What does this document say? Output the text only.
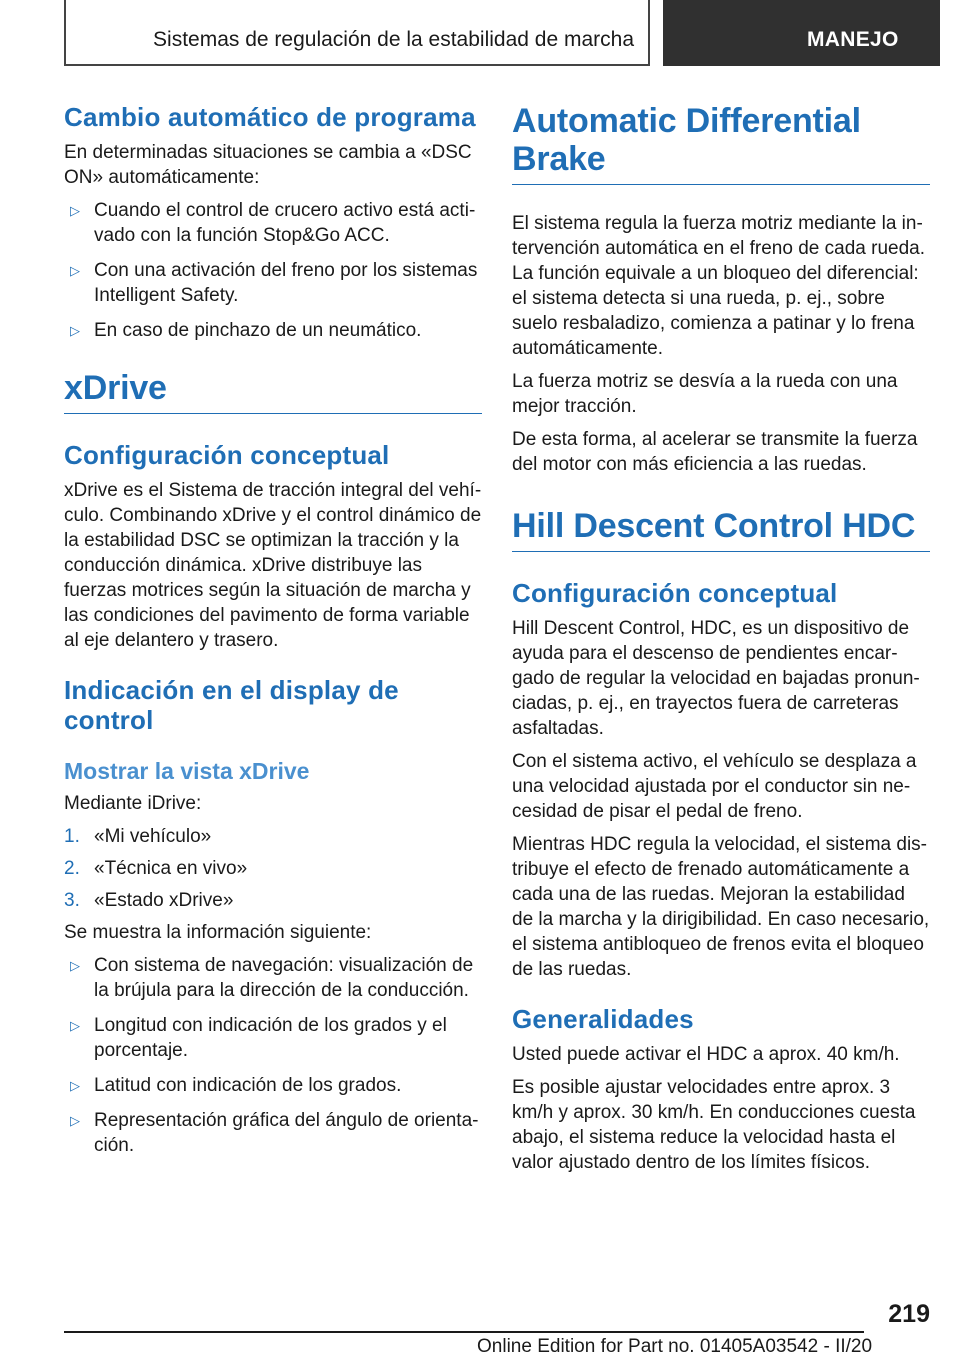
Sistemas de regulación de la estabilidad de marcha	MANEJO
Cambio automático de programa

En determinadas situaciones se cambia a «DSC ON» automáticamente:

▷ Cuando el control de crucero activo está activado con la función Stop&Go ACC.
▷ Con una activación del freno por los sistemas Intelligent Safety.
▷ En caso de pinchazo de un neumático.
xDrive
Configuración conceptual

xDrive es el Sistema de tracción integral del vehículo. Combinando xDrive y el control dinámico de la estabilidad DSC se optimizan la tracción y la conducción dinámica. xDrive distribuye las fuerzas motrices según la situación de marcha y las condiciones del pavimento de forma variable al eje delantero y trasero.

Indicación en el display de control
Mostrar la vista xDrive

Mediante iDrive:

1. «Mi vehículo»
2. «Técnica en vivo»
3. «Estado xDrive»

Se muestra la información siguiente:

▷ Con sistema de navegación: visualización de la brújula para la dirección de la conducción.
▷ Longitud con indicación de los grados y el porcentaje.
▷ Latitud con indicación de los grados.
▷ Representación gráfica del ángulo de orientación.
Automatic Differential Brake

El sistema regula la fuerza motriz mediante la intervención automática en el freno de cada rueda. La función equivale a un bloqueo del diferencial: el sistema detecta si una rueda, p. ej., sobre suelo resbaladizo, comienza a patinar y lo frena automáticamente.

La fuerza motriz se desvía a la rueda con una mejor tracción.

De esta forma, al acelerar se transmite la fuerza del motor con más eficiencia a las ruedas.

Hill Descent Control HDC
Configuración conceptual

Hill Descent Control, HDC, es un dispositivo de ayuda para el descenso de pendientes encargado de regular la velocidad en bajadas pronunciadas, p. ej., en trayectos fuera de carreteras asfaltadas.

Con el sistema activo, el vehículo se desplaza a una velocidad ajustada por el conductor sin necesidad de pisar el pedal de freno.

Mientras HDC regula la velocidad, el sistema distribuye el efecto de frenado automáticamente a cada una de las ruedas. Mejoran la estabilidad de la marcha y la dirigibilidad. En caso necesario, el sistema antibloqueo de frenos evita el bloqueo de las ruedas.

Generalidades

Usted puede activar el HDC a aprox. 40 km/h.

Es posible ajustar velocidades entre aprox. 3 km/h y aprox. 30 km/h. En conducciones cuesta abajo, el sistema reduce la velocidad hasta el valor ajustado dentro de los límites físicos.

219
Online Edition for Part no. 01405A03542 - II/20
